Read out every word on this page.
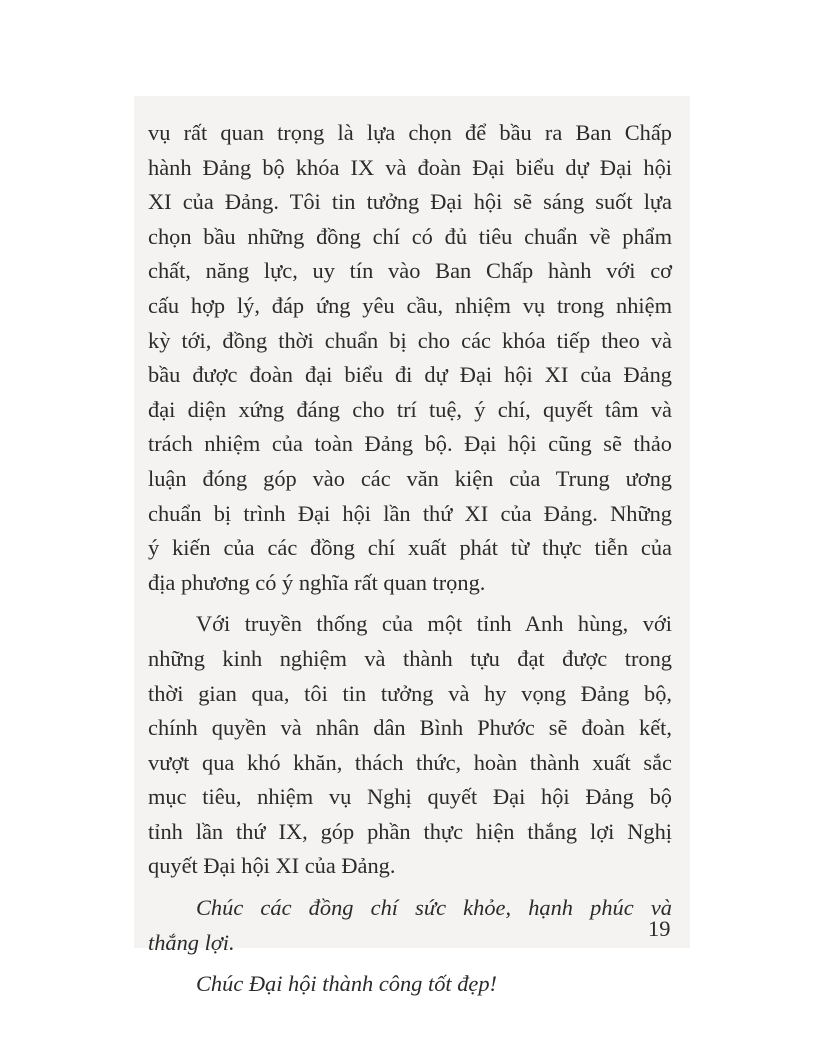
vụ rất quan trọng là lựa chọn để bầu ra Ban Chấp
hành Đảng bộ khóa IX và đoàn Đại biểu dự Đại hội
XI của Đảng. Tôi tin tưởng Đại hội sẽ sáng suốt lựa
chọn bầu những đồng chí có đủ tiêu chuẩn về phẩm
chất, năng lực, uy tín vào Ban Chấp hành với cơ
cấu hợp lý, đáp ứng yêu cầu, nhiệm vụ trong nhiệm
kỳ tới, đồng thời chuẩn bị cho các khóa tiếp theo và
bầu được đoàn đại biểu đi dự Đại hội XI của Đảng
đại diện xứng đáng cho trí tuệ, ý chí, quyết tâm và
trách nhiệm của toàn Đảng bộ. Đại hội cũng sẽ thảo
luận đóng góp vào các văn kiện của Trung ương
chuẩn bị trình Đại hội lần thứ XI của Đảng. Những
ý kiến của các đồng chí xuất phát từ thực tiễn của
địa phương có ý nghĩa rất quan trọng.

Với truyền thống của một tỉnh Anh hùng, với
những kinh nghiệm và thành tựu đạt được trong
thời gian qua, tôi tin tưởng và hy vọng Đảng bộ,
chính quyền và nhân dân Bình Phước sẽ đoàn kết,
vượt qua khó khăn, thách thức, hoàn thành xuất sắc
mục tiêu, nhiệm vụ Nghị quyết Đại hội Đảng bộ
tỉnh lần thứ IX, góp phần thực hiện thắng lợi Nghị
quyết Đại hội XI của Đảng.

Chúc các đồng chí sức khỏe, hạnh phúc và
thắng lợi.

Chúc Đại hội thành công tốt đẹp!

19
